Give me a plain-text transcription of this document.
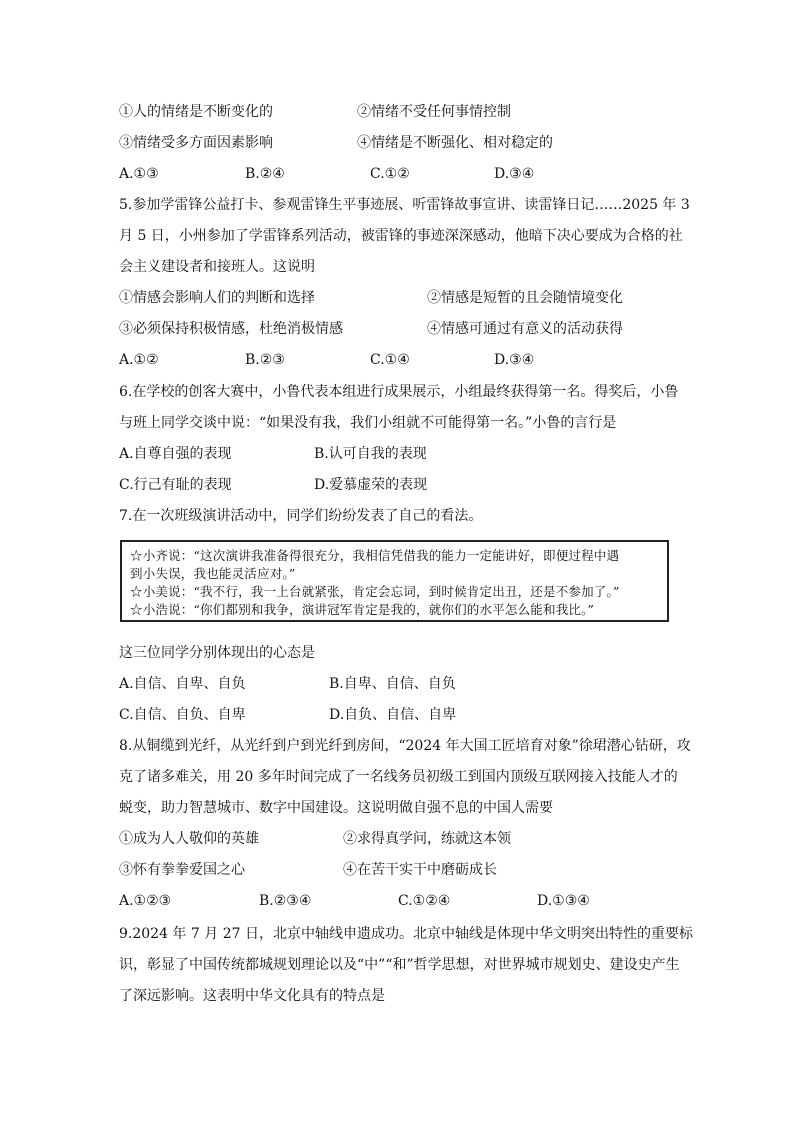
①人的情绪是不断变化的	②情绪不受任何事情控制
③情绪受多方面因素影响	④情绪是不断强化、相对稳定的
A.①③	B.②④	C.①②	D.③④
5.参加学雷锋公益打卡、参观雷锋生平事迹展、听雷锋故事宣讲、读雷锋日记……2025 年 3
月 5 日，小州参加了学雷锋系列活动，被雷锋的事迹深深感动，他暗下决心要成为合格的社
会主义建设者和接班人。这说明
①情感会影响人们的判断和选择	②情感是短暂的且会随情境变化
③必须保持积极情感，杜绝消极情感	④情感可通过有意义的活动获得
A.①②	B.②③	C.①④	D.③④
6.在学校的创客大赛中，小鲁代表本组进行成果展示，小组最终获得第一名。得奖后，小鲁
与班上同学交谈中说：“如果没有我，我们小组就不可能得第一名。”小鲁的言行是
A.自尊自强的表现	B.认可自我的表现
C.行己有耻的表现	D.爱慕虚荣的表现
7.在一次班级演讲活动中，同学们纷纷发表了自己的看法。
☆小齐说：“这次演讲我准备得很充分，我相信凭借我的能力一定能讲好，即便过程中遇
到小失误，我也能灵活应对。”
☆小美说：“我不行，我一上台就紧张，肯定会忘词，到时候肯定出丑，还是不参加了。”
☆小浩说：“你们都别和我争，演讲冠军肯定是我的，就你们的水平怎么能和我比。”
这三位同学分别体现出的心态是
A.自信、自卑、自负	B.自卑、自信、自负
C.自信、自负、自卑	D.自负、自信、自卑
8.从铜缆到光纤，从光纤到户到光纤到房间，“2024 年大国工匠培育对象”徐珺潜心钻研，攻
克了诸多难关，用 20 多年时间完成了一名线务员初级工到国内顶级互联网接入技能人才的
蜕变，助力智慧城市、数字中国建设。这说明做自强不息的中国人需要
①成为人人敬仰的英雄	②求得真学问，练就这本领
③怀有拳拳爱国之心	④在苦干实干中磨砺成长
A.①②③	B.②③④	C.①②④	D.①③④
9.2024 年 7 月 27 日，北京中轴线申遗成功。北京中轴线是体现中华文明突出特性的重要标
识，彰显了中国传统都城规划理论以及“中”“和”哲学思想，对世界城市规划史、建设史产生
了深远影响。这表明中华文化具有的特点是
